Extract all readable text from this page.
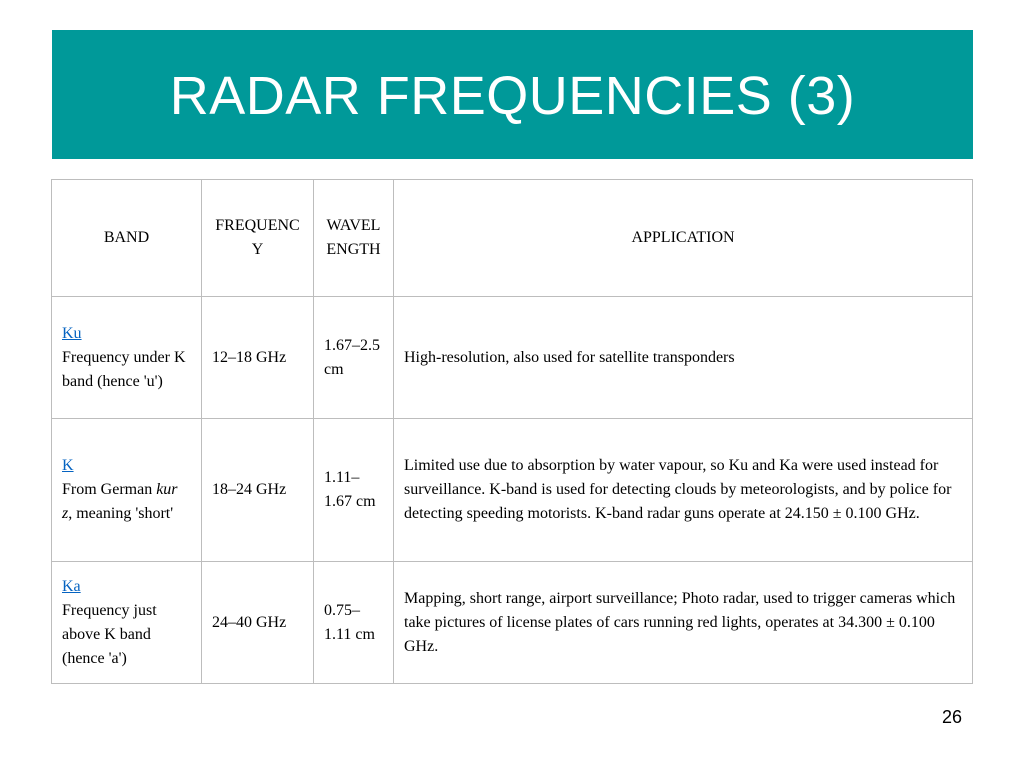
RADAR FREQUENCIES (3)
BAND	FREQUENCY	WAVELENGTH	APPLICATION

Ku
Frequency under K band (hence 'u')	12–18 GHz	1.67–2.5 cm	High-resolution, also used for satellite transponders

K
From German kur z, meaning 'short'	18–24 GHz	1.11–1.67 cm	Limited use due to absorption by water vapour, so Ku and Ka were used instead for surveillance. K-band is used for detecting clouds by meteorologists, and by police for detecting speeding motorists. K-band radar guns operate at 24.150 ± 0.100 GHz.

Ka
Frequency just above K band (hence 'a')	24–40 GHz	0.75–1.11 cm	Mapping, short range, airport surveillance; Photo radar, used to trigger cameras which take pictures of license plates of cars running red lights, operates at 34.300 ± 0.100 GHz.
26
